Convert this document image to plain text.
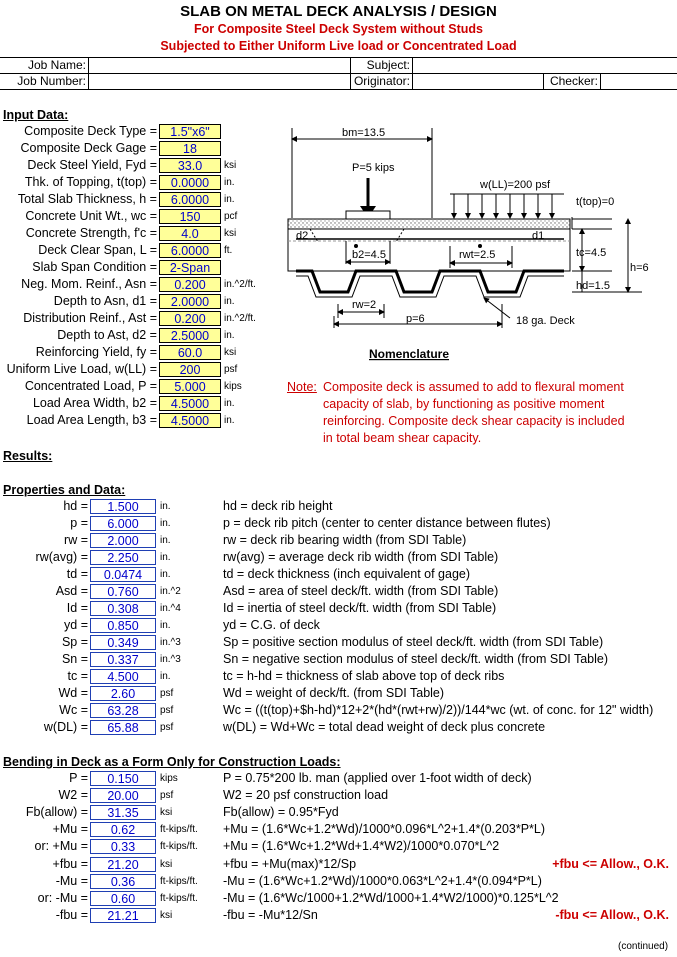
SLAB ON METAL DECK ANALYSIS / DESIGN
For Composite Steel Deck System without Studs
Subjected to Either Uniform Live load or Concentrated Load
Job Name:	Subject:
Job Number:	Originator:	Checker:
Input Data:
Composite Deck Type =	1.5"x6"
Composite Deck Gage =	18
Deck Steel Yield, Fyd =	33.0	ksi
Thk. of Topping, t(top) =	0.0000	in.
Total Slab Thickness, h =	6.0000	in.
Concrete Unit Wt., wc =	150	pcf
Concrete Strength, f'c =	4.0	ksi
Deck Clear Span, L =	6.0000	ft.
Slab Span Condition =	2-Span
Neg. Mom. Reinf., Asn =	0.200	in.^2/ft.
Depth to Asn, d1 =	2.0000	in.
Distribution Reinf., Ast =	0.200	in.^2/ft.
Depth to Ast, d2 =	2.5000	in.
Reinforcing Yield, fy =	60.0	ksi
Uniform Live Load, w(LL) =	200	psf
Concentrated Load, P =	5.000	kips
Load Area Width, b2 =	4.5000	in.
Load Area Length, b3 =	4.5000	in.
bm=13.5
P=5 kips
w(LL)=200 psf
t(top)=0
d2	d1
b2=4.5	rwt=2.5	tc=4.5
hd=1.5
h=6
rw=2
p=6	18 ga. Deck
Nomenclature
Note: Composite deck is assumed to add to flexural moment
capacity of slab, by functioning as positive moment
reinforcing. Composite deck shear capacity is included
in total beam shear capacity.
Results:
Properties and Data:
hd =	1.500	in.	hd = deck rib height
p =	6.000	in.	p = deck rib pitch (center to center distance between flutes)
rw =	2.000	in.	rw = deck rib bearing width (from SDI Table)
rw(avg) =	2.250	in.	rw(avg) = average deck rib width (from SDI Table)
td =	0.0474	in.	td = deck thickness (inch equivalent of gage)
Asd =	0.760	in.^2	Asd = area of steel deck/ft. width (from SDI Table)
Id =	0.308	in.^4	Id = inertia of steel deck/ft. width (from SDI Table)
yd =	0.850	in.	yd = C.G. of deck
Sp =	0.349	in.^3	Sp = positive section modulus of steel deck/ft. width (from SDI Table)
Sn =	0.337	in.^3	Sn = negative section modulus of steel deck/ft. width (from SDI Table)
tc =	4.500	in.	tc = h-hd = thickness of slab above top of deck ribs
Wd =	2.60	psf	Wd = weight of deck/ft. (from SDI Table)
Wc =	63.28	psf	Wc = ((t(top)+$h-hd)*12+2*(hd*(rwt+rw)/2))/144*wc (wt. of conc. for 12" width)
w(DL) =	65.88	psf	w(DL) = Wd+Wc = total dead weight of deck plus concrete
Bending in Deck as a Form Only for Construction Loads:
P =	0.150	kips	P = 0.75*200 lb. man (applied over 1-foot width of deck)
W2 =	20.00	psf	W2 = 20 psf construction load
Fb(allow) =	31.35	ksi	Fb(allow) = 0.95*Fyd
+Mu =	0.62	ft-kips/ft. +Mu = (1.6*Wc+1.2*Wd)/1000*0.096*L^2+1.4*(0.203*P*L)
or: +Mu =	0.33	ft-kips/ft. +Mu = (1.6*Wc+1.2*Wd+1.4*W2)/1000*0.070*L^2
+fbu =	21.20	ksi	+fbu = +Mu(max)*12/Sp	+fbu <= Allow., O.K.
-Mu =	0.36	ft-kips/ft. -Mu = (1.6*Wc+1.2*Wd)/1000*0.063*L^2+1.4*(0.094*P*L)
or: -Mu =	0.60	ft-kips/ft. -Mu = (1.6*Wc/1000+1.2*Wd/1000+1.4*W2/1000)*0.125*L^2
-fbu =	21.21	ksi	-fbu = -Mu*12/Sn	-fbu <= Allow., O.K.
(continued)
